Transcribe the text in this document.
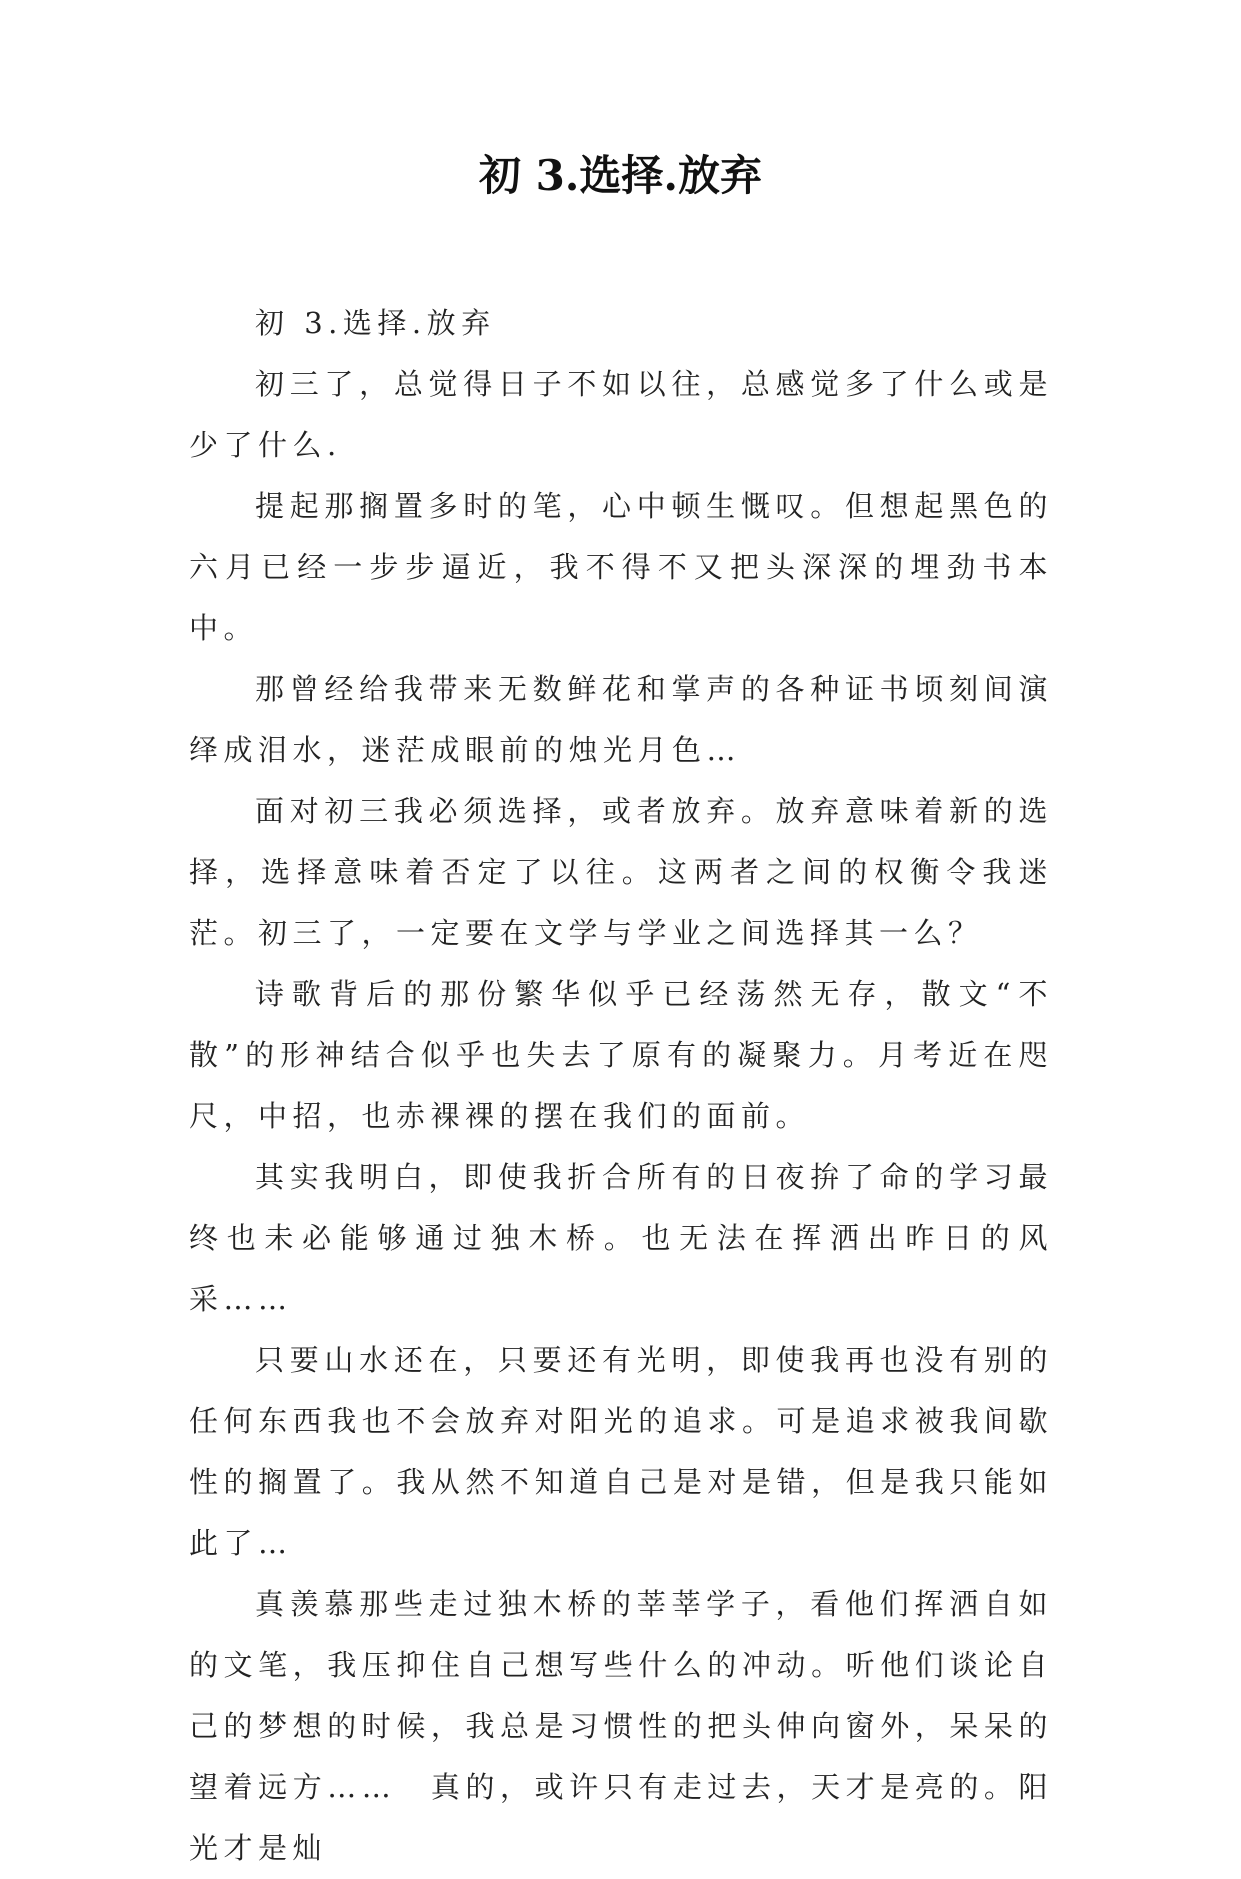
初 3.选择.放弃

初 3.选择.放弃

初三了，总觉得日子不如以往，总感觉多了什么或是少了什么.

提起那搁置多时的笔，心中顿生慨叹。但想起黑色的六月已经一步步逼近，我不得不又把头深深的埋劲书本中。

那曾经给我带来无数鲜花和掌声的各种证书顷刻间演绎成泪水，迷茫成眼前的烛光月色…

面对初三我必须选择，或者放弃。放弃意味着新的选择，选择意味着否定了以往。这两者之间的权衡令我迷茫。初三了，一定要在文学与学业之间选择其一么？

诗歌背后的那份繁华似乎已经荡然无存，散文“不散”的形神结合似乎也失去了原有的凝聚力。月考近在咫尺，中招，也赤裸裸的摆在我们的面前。

其实我明白，即使我折合所有的日夜拚了命的学习最终也未必能够通过独木桥。也无法在挥洒出昨日的风采……

只要山水还在，只要还有光明，即使我再也没有别的任何东西我也不会放弃对阳光的追求。可是追求被我间歇性的搁置了。我从然不知道自己是对是错，但是我只能如此了…

真羡慕那些走过独木桥的莘莘学子，看他们挥洒自如的文笔，我压抑住自己想写些什么的冲动。听他们谈论自己的梦想的时候，我总是习惯性的把头伸向窗外，呆呆的望着远方……　真的，或许只有走过去，天才是亮的。阳光才是灿
